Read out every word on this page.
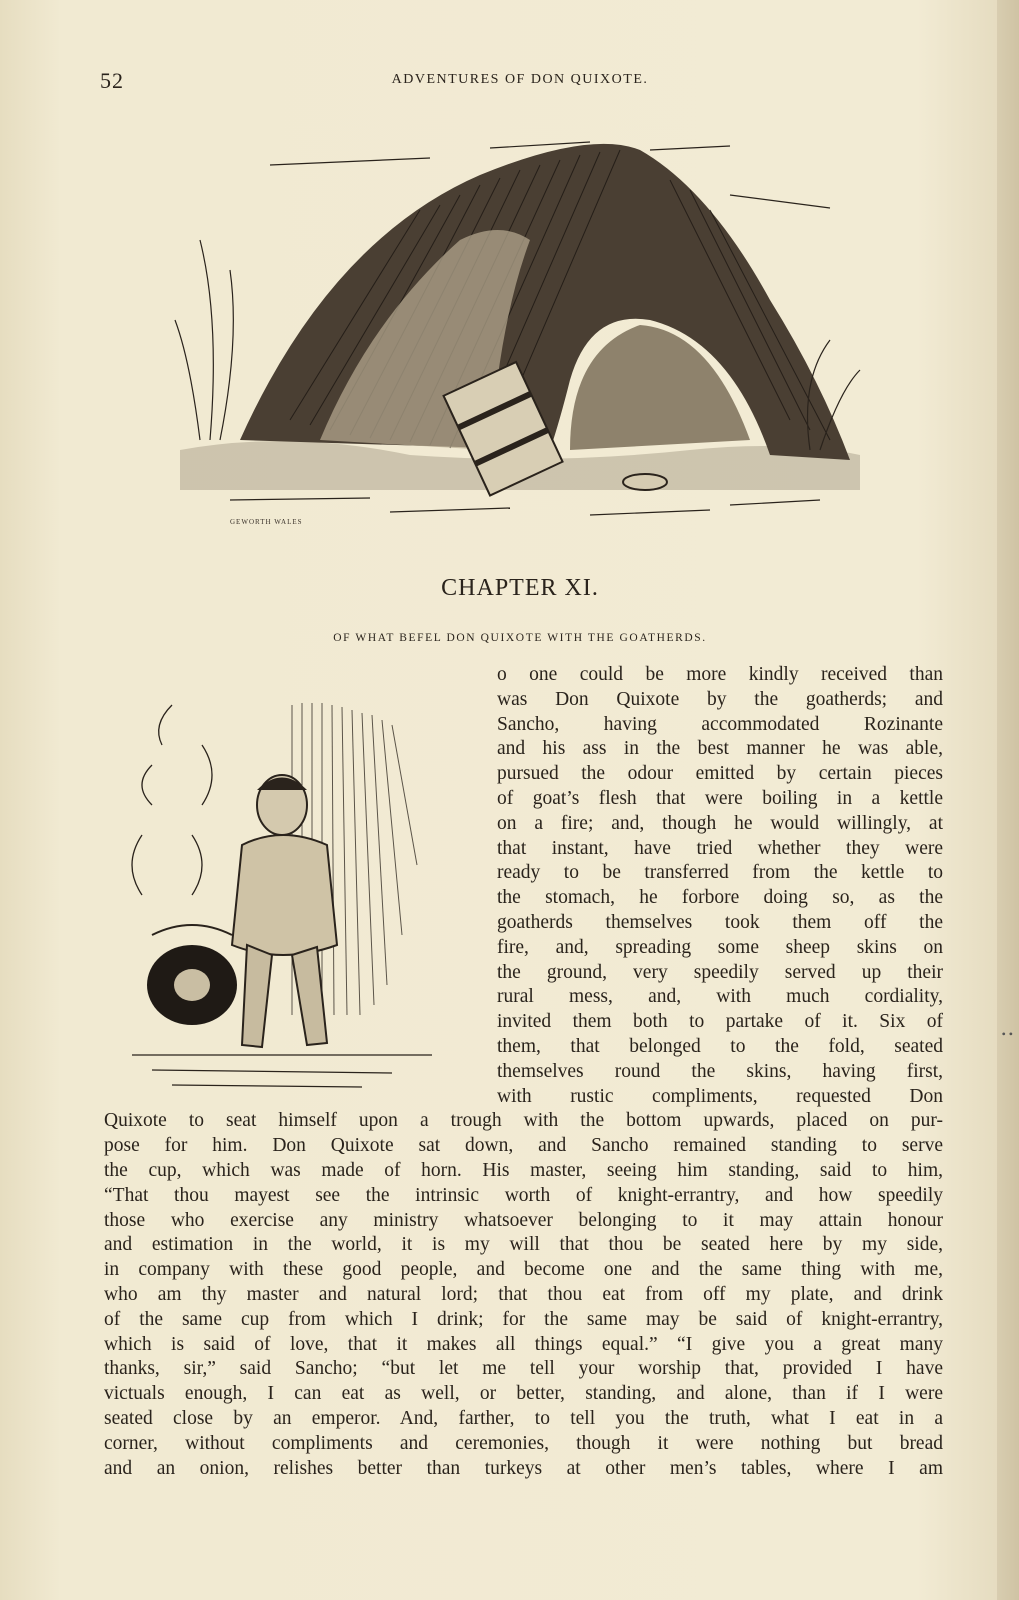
52	ADVENTURES OF DON QUIXOTE.
GEWORTH WALES
CHAPTER XI.
OF WHAT BEFEL DON QUIXOTE WITH THE GOATHERDS.
o one could be more kindly received than
was Don Quixote by the goatherds; and
Sancho, having accommodated Rozinante
and his ass in the best manner he was able,
pursued the odour emitted by certain pieces
of goat’s flesh that were boiling in a kettle
on a fire; and, though he would willingly, at
that instant, have tried whether they were
ready to be transferred from the kettle to
the stomach, he forbore doing so, as the
goatherds themselves took them off the
fire, and, spreading some sheep skins on
the ground, very speedily served up their
rural mess, and, with much cordiality,
invited them both to partake of it. Six of
them, that belonged to the fold, seated
themselves round the skins, having first,
with rustic compliments, requested Don
Quixote to seat himself upon a trough with the bottom upwards, placed on pur-
pose for him. Don Quixote sat down, and Sancho remained standing to serve
the cup, which was made of horn. His master, seeing him standing, said to him,
“That thou mayest see the intrinsic worth of knight-errantry, and how speedily
those who exercise any ministry whatsoever belonging to it may attain honour
and estimation in the world, it is my will that thou be seated here by my side,
in company with these good people, and become one and the same thing with me,
who am thy master and natural lord; that thou eat from off my plate, and drink
of the same cup from which I drink; for the same may be said of knight-errantry,
which is said of love, that it makes all things equal.” “I give you a great many
thanks, sir,” said Sancho; “but let me tell your worship that, provided I have
victuals enough, I can eat as well, or better, standing, and alone, than if I were
seated close by an emperor. And, farther, to tell you the truth, what I eat in a
corner, without compliments and ceremonies, though it were nothing but bread
and an onion, relishes better than turkeys at other men’s tables, where I am
• •
